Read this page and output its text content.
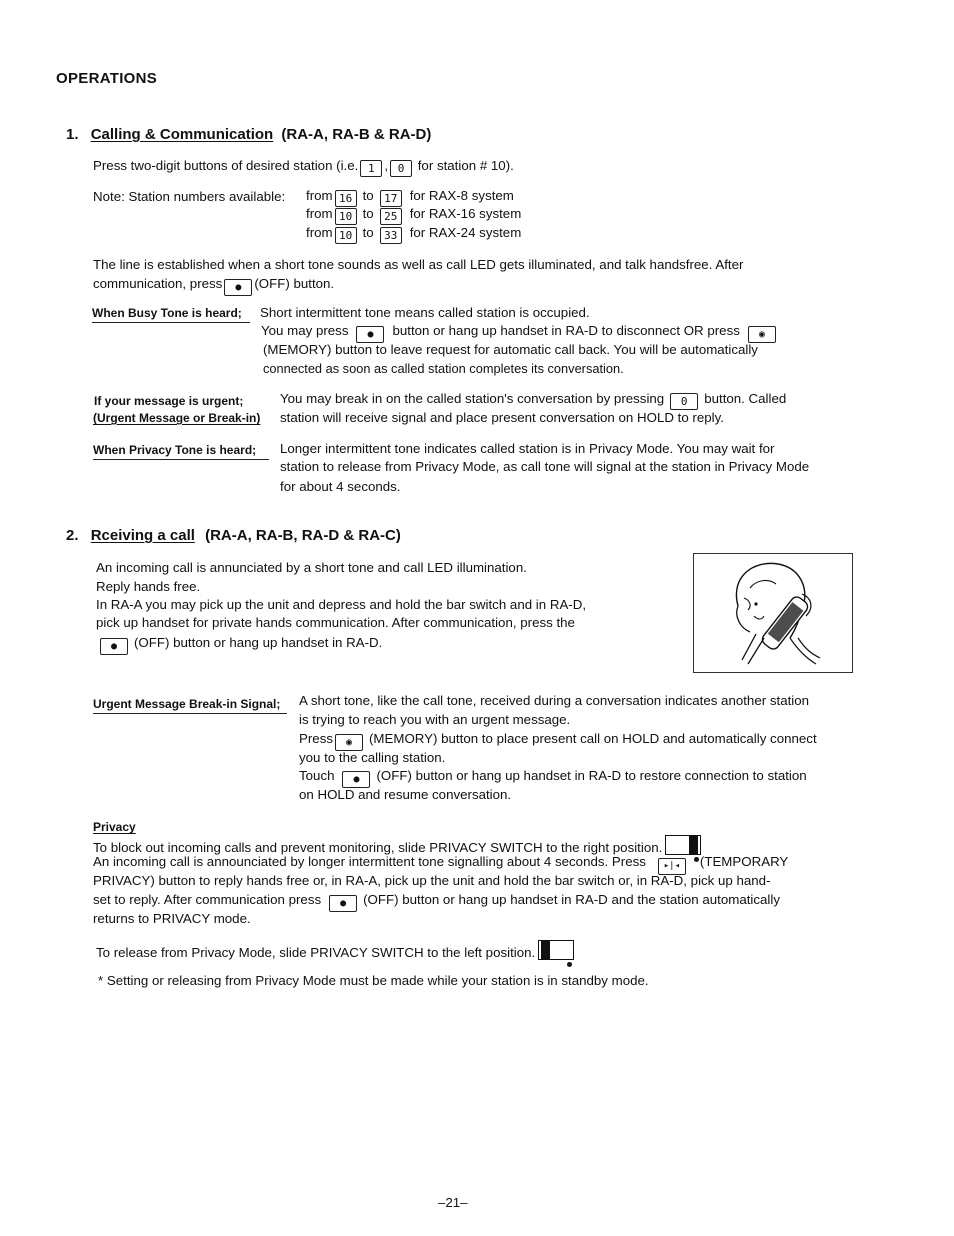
OPERATIONS
1. Calling & Communication (RA-A, RA-B & RA-D)
Press two-digit buttons of desired station (i.e. 1 , 0 for station # 10).
Note: Station numbers available: from 16 to 17 for RAX-8 system
from 10 to 25 for RAX-16 system
from 10 to 33 for RAX-24 system
The line is established when a short tone sounds as well as call LED gets illuminated, and talk handsfree. After
communication, press ● (OFF) button.
When Busy Tone is heard; Short intermittent tone means called station is occupied.
You may press ● button or hang up handset in RA-D to disconnect OR press ◉
(MEMORY) button to leave request for automatic call back. You will be automatically
connected as soon as called station completes its conversation.
If your message is urgent;
(Urgent Message or Break-in)
You may break in on the called station's conversation by pressing 0 button. Called
station will receive signal and place present conversation on HOLD to reply.
When Privacy Tone is heard; Longer intermittent tone indicates called station is in Privacy Mode. You may wait for
station to release from Privacy Mode, as call tone will signal at the station in Privacy Mode
for about 4 seconds.
2. Rceiving a call (RA-A, RA-B, RA-D & RA-C)
An incoming call is annunciated by a short tone and call LED illumination.
Reply hands free.
In RA-A you may pick up the unit and depress and hold the bar switch and in RA-D,
pick up handset for private hands communication. After communication, press the
● (OFF) button or hang up handset in RA-D.
Urgent Message Break-in Signal; A short tone, like the call tone, received during a conversation indicates another station
is trying to reach you with an urgent message.
Press ◉ (MEMORY) button to place present call on HOLD and automatically connect
you to the calling station.
Touch ● (OFF) button or hang up handset in RA-D to restore connection to station
on HOLD and resume conversation.
Privacy
To block out incoming calls and prevent monitoring, slide PRIVACY SWITCH to the right position.
An incoming call is announciated by longer intermittent tone signalling about 4 seconds. Press ▸|◂ (TEMPORARY
PRIVACY) button to reply hands free or, in RA-A, pick up the unit and hold the bar switch or, in RA-D, pick up hand-
set to reply. After communication press ● (OFF) button or hang up handset in RA-D and the station automatically
returns to PRIVACY mode.
To release from Privacy Mode, slide PRIVACY SWITCH to the left position.
* Setting or releasing from Privacy Mode must be made while your station is in standby mode.
–21–
